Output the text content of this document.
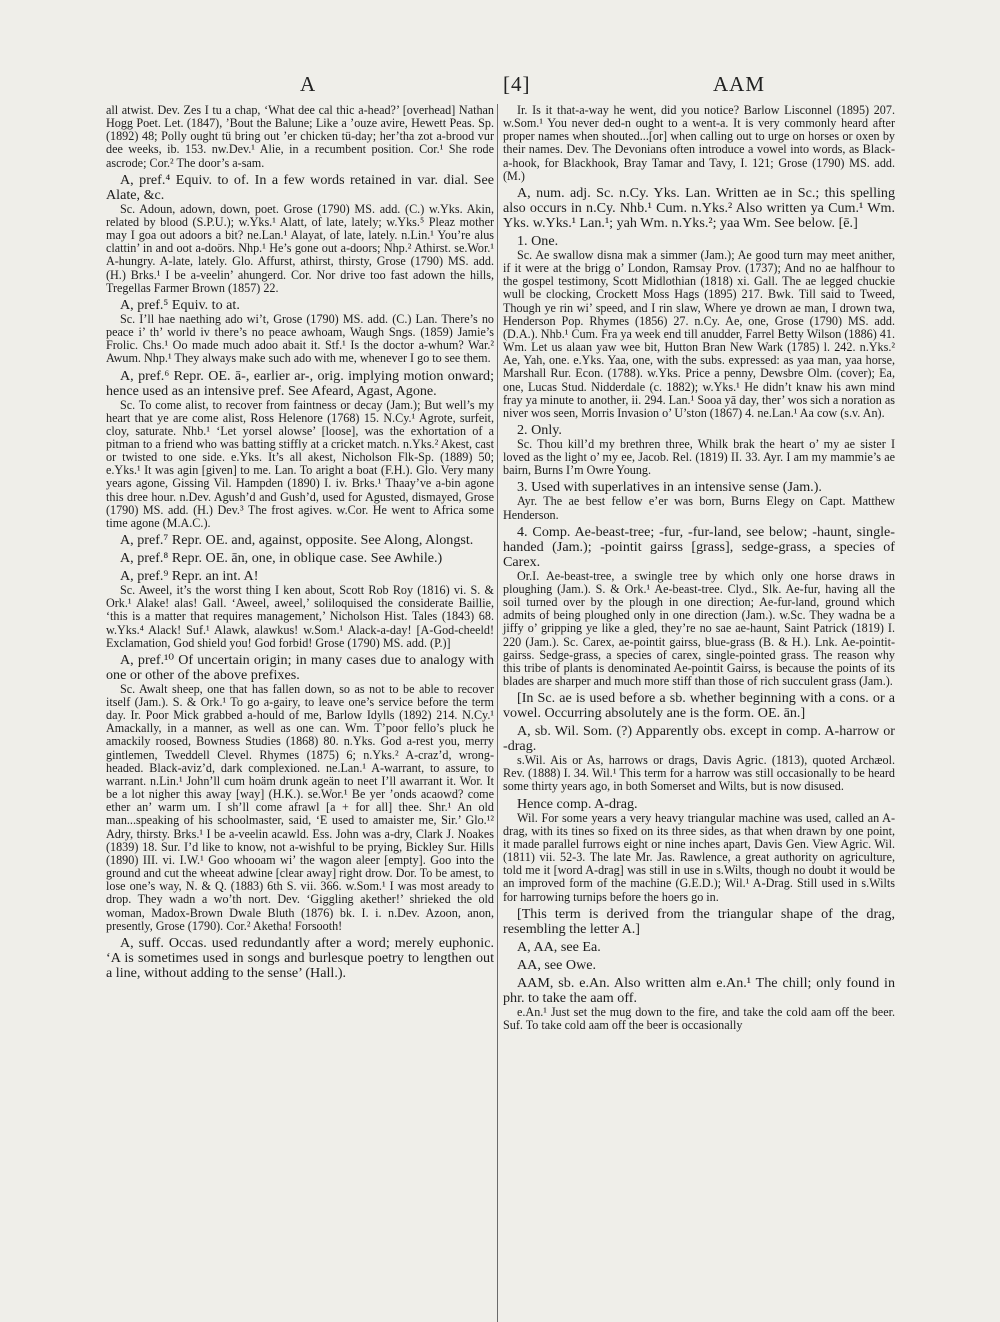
A	[4]	AAM

all atwist. Dev. Zes I tu a chap, ‘What dee cal thic a-head?’ [overhead] Nathan Hogg Poet. Let. (1847), ’Bout the Balune; Like a ’ouze avire, Hewett Peas. Sp. (1892) 48; Polly ought tü bring out ’er chicken tü-day; her’tha zot a-brood vur dee weeks, ib. 153. nw.Dev.¹ Alie, in a recumbent position. Cor.¹ She rode ascrode; Cor.² The door’s a-sam.

A, pref.⁴ Equiv. to of. In a few words retained in var. dial. See Alate, &c.

Sc. Adoun, adown, down, poet. Grose (1790) MS. add. (C.) w.Yks. Akin, related by blood (S.P.U.); w.Yks.¹ Alatt, of late, lately; w.Yks.⁵ Pleaz mother may I goa out adoors a bit? ne.Lan.¹ Alayat, of late, lately. n.Lin.¹ You’re alus clattin’ in and oot a-doörs. Nhp.¹ He’s gone out a-doors; Nhp.² Athirst. se.Wor.¹ A-hungry. A-late, lately. Glo. Affurst, athirst, thirsty, Grose (1790) MS. add. (H.) Brks.¹ I be a-veelin’ ahungerd. Cor. Nor drive too fast adown the hills, Tregellas Farmer Brown (1857) 22.

A, pref.⁵ Equiv. to at.

Sc. I’ll hae naething ado wi’t, Grose (1790) MS. add. (C.) Lan. There’s no peace i’ th’ world iv there’s no peace awhoam, Waugh Sngs. (1859) Jamie’s Frolic. Chs.¹ Oo made much adoo abait it. Stf.¹ Is the doctor a-whum? War.² Awum. Nhp.¹ They always make such ado with me, whenever I go to see them.

A, pref.⁶ Repr. OE. ā-, earlier ar-, orig. implying motion onward; hence used as an intensive pref. See Afeard, Agast, Agone.

Sc. To come alist, to recover from faintness or decay (Jam.); But well’s my heart that ye are come alist, Ross Helenore (1768) 15. N.Cy.¹ Agrote, surfeit, cloy, saturate. Nhb.¹ ‘Let yorsel alowse’ [loose], was the exhortation of a pitman to a friend who was batting stiffly at a cricket match. n.Yks.² Akest, cast or twisted to one side. e.Yks. It’s all akest, Nicholson Flk-Sp. (1889) 50; e.Yks.¹ It was agin [given] to me. Lan. To aright a boat (F.H.). Glo. Very many years agone, Gissing Vil. Hampden (1890) I. iv. Brks.¹ Thaay’ve a-bin agone this dree hour. n.Dev. Agush’d and Gush’d, used for Agusted, dismayed, Grose (1790) MS. add. (H.) Dev.³ The frost agives. w.Cor. He went to Africa some time agone (M.A.C.).

A, pref.⁷ Repr. OE. and, against, opposite. See Along, Alongst.

A, pref.⁸ Repr. OE. ān, one, in oblique case. See Awhile.)

A, pref.⁹ Repr. an int. A!

Sc. Aweel, it’s the worst thing I ken about, Scott Rob Roy (1816) vi. S. & Ork.¹ Alake! alas! Gall. ‘Aweel, aweel,’ soliloquised the considerate Baillie, ‘this is a matter that requires management,’ Nicholson Hist. Tales (1843) 68. w.Yks.⁴ Alack! Suf.¹ Alawk, alawkus! w.Som.¹ Alack-a-day! [A-God-cheeld! Exclamation, God shield you! God forbid! Grose (1790) MS. add. (P.)]

A, pref.¹⁰ Of uncertain origin; in many cases due to analogy with one or other of the above prefixes.

Sc. Awalt sheep, one that has fallen down, so as not to be able to recover itself (Jam.). S. & Ork.¹ To go a-gairy, to leave one’s service before the term day. Ir. Poor Mick grabbed a-hould of me, Barlow Idylls (1892) 214. N.Cy.¹ Amackally, in a manner, as well as one can. Wm. T’poor fello’s pluck he amackily roosed, Bowness Studies (1868) 80. n.Yks. God a-rest you, merry gintlemen, Tweddell Clevel. Rhymes (1875) 6; n.Yks.² A-craz’d, wrong-headed. Black-aviz’d, dark complexioned. ne.Lan.¹ A-warrant, to assure, to warrant. n.Lin.¹ John’ll cum hoäm drunk ageän to neet I’ll awarrant it. Wor. It be a lot nigher this away [way] (H.K.). se.Wor.¹ Be yer ’onds acaowd? come ether an’ warm um. I sh’ll come afrawl [a + for all] thee. Shr.¹ An old man...speaking of his schoolmaster, said, ‘E used to amaister me, Sir.’ Glo.¹² Adry, thirsty. Brks.¹ I be a-veelin acawld. Ess. John was a-dry, Clark J. Noakes (1839) 18. Sur. I’d like to know, not a-wishful to be prying, Bickley Sur. Hills (1890) III. vi. I.W.¹ Goo whooam wi’ the wagon aleer [empty]. Goo into the ground and cut the wheeat adwine [clear away] right drow. Dor. To be amest, to lose one’s way, N. & Q. (1883) 6th S. vii. 366. w.Som.¹ I was most aready to drop. They wadn a wo’th nort. Dev. ‘Giggling akether!’ shrieked the old woman, Madox-Brown Dwale Bluth (1876) bk. I. i. n.Dev. Azoon, anon, presently, Grose (1790). Cor.² Aketha! Forsooth!

A, suff. Occas. used redundantly after a word; merely euphonic. ‘A is sometimes used in songs and burlesque poetry to lengthen out a line, without adding to the sense’ (Hall.).

Ir. Is it that-a-way he went, did you notice? Barlow Lisconnel (1895) 207. w.Som.¹ You never ded-n ought to a went-a. It is very commonly heard after proper names when shouted...[or] when calling out to urge on horses or oxen by their names. Dev. The Devonians often introduce a vowel into words, as Black-a-hook, for Blackhook, Bray Tamar and Tavy, I. 121; Grose (1790) MS. add. (M.)

A, num. adj. Sc. n.Cy. Yks. Lan. Written ae in Sc.; this spelling also occurs in n.Cy. Nhb.¹ Cum. n.Yks.² Also written ya Cum.¹ Wm. Yks. w.Yks.¹ Lan.¹; yah Wm. n.Yks.²; yaa Wm. See below. [ē.]

1. One.

Sc. Ae swallow disna mak a simmer (Jam.); Ae good turn may meet anither, if it were at the brigg o’ London, Ramsay Prov. (1737); And no ae halfhour to the gospel testimony, Scott Midlothian (1818) xi. Gall. The ae legged chuckie wull be clocking, Crockett Moss Hags (1895) 217. Bwk. Till said to Tweed, Though ye rin wi’ speed, and I rin slaw, Where ye drown ae man, I drown twa, Henderson Pop. Rhymes (1856) 27. n.Cy. Ae, one, Grose (1790) MS. add. (D.A.). Nhb.¹ Cum. Fra ya week end till anudder, Farrel Betty Wilson (1886) 41. Wm. Let us alaan yaw wee bit, Hutton Bran New Wark (1785) l. 242. n.Yks.² Ae, Yah, one. e.Yks. Yaa, one, with the subs. expressed: as yaa man, yaa horse, Marshall Rur. Econ. (1788). w.Yks. Price a penny, Dewsbre Olm. (cover); Ea, one, Lucas Stud. Nidderdale (c. 1882); w.Yks.¹ He didn’t knaw his awn mind fray ya minute to another, ii. 294. Lan.¹ Sooa yā day, ther’ wos sich a noration as niver wos seen, Morris Invasion o’ U’ston (1867) 4. ne.Lan.¹ Aa cow (s.v. An).

2. Only.

Sc. Thou kill’d my brethren three, Whilk brak the heart o’ my ae sister I loved as the light o’ my ee, Jacob. Rel. (1819) II. 33. Ayr. I am my mammie’s ae bairn, Burns I’m Owre Young.

3. Used with superlatives in an intensive sense (Jam.).

Ayr. The ae best fellow e’er was born, Burns Elegy on Capt. Matthew Henderson.

4. Comp. Ae-beast-tree; -fur, -fur-land, see below; -haunt, single-handed (Jam.); -pointit gairss [grass], sedge-grass, a species of Carex.

Or.I. Ae-beast-tree, a swingle tree by which only one horse draws in ploughing (Jam.). S. & Ork.¹ Ae-beast-tree. Clyd., Slk. Ae-fur, having all the soil turned over by the plough in one direction; Ae-fur-land, ground which admits of being ploughed only in one direction (Jam.). w.Sc. They wadna be a jiffy o’ gripping ye like a gled, they’re no sae ae-haunt, Saint Patrick (1819) I. 220 (Jam.). Sc. Carex, ae-pointit gairss, blue-grass (B. & H.). Lnk. Ae-pointit-gairss. Sedge-grass, a species of carex, single-pointed grass. The reason why this tribe of plants is denominated Ae-pointit Gairss, is because the points of its blades are sharper and much more stiff than those of rich succulent grass (Jam.).

[In Sc. ae is used before a sb. whether beginning with a cons. or a vowel. Occurring absolutely ane is the form. OE. ān.]

A, sb. Wil. Som. (?) Apparently obs. except in comp. A-harrow or -drag.

s.Wil. Ais or As, harrows or drags, Davis Agric. (1813), quoted Archæol. Rev. (1888) I. 34. Wil.¹ This term for a harrow was still occasionally to be heard some thirty years ago, in both Somerset and Wilts, but is now disused.

Hence comp. A-drag.

Wil. For some years a very heavy triangular machine was used, called an A-drag, with its tines so fixed on its three sides, as that when drawn by one point, it made parallel furrows eight or nine inches apart, Davis Gen. View Agric. Wil. (1811) vii. 52-3. The late Mr. Jas. Rawlence, a great authority on agriculture, told me it [word A-drag] was still in use in s.Wilts, though no doubt it would be an improved form of the machine (G.E.D.); Wil.¹ A-Drag. Still used in s.Wilts for harrowing turnips before the hoers go in.

[This term is derived from the triangular shape of the drag, resembling the letter A.]

A, AA, see Ea.

AA, see Owe.

AAM, sb. e.An. Also written alm e.An.¹ The chill; only found in phr. to take the aam off.

e.An.¹ Just set the mug down to the fire, and take the cold aam off the beer. Suf. To take cold aam off the beer is occasionally
